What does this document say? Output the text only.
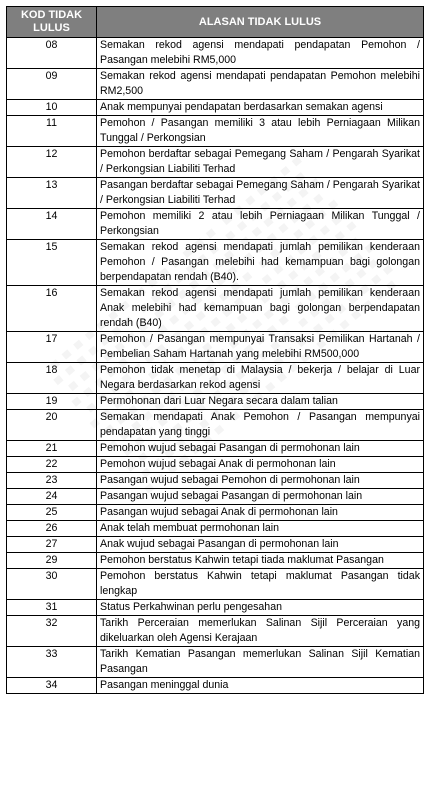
KOD TIDAK LULUS	ALASAN TIDAK LULUS
08	Semakan rekod agensi mendapati pendapatan Pemohon / Pasangan melebihi RM5,000
09	Semakan rekod agensi mendapati pendapatan Pemohon melebihi RM2,500
10	Anak mempunyai pendapatan berdasarkan semakan agensi
11	Pemohon / Pasangan memiliki 3 atau lebih Perniagaan Milikan Tunggal / Perkongsian
12	Pemohon berdaftar sebagai Pemegang Saham / Pengarah Syarikat / Perkongsian Liabiliti Terhad
13	Pasangan berdaftar sebagai Pemegang Saham / Pengarah Syarikat / Perkongsian Liabiliti Terhad
14	Pemohon memiliki 2 atau lebih Perniagaan Milikan Tunggal / Perkongsian
15	Semakan rekod agensi mendapati jumlah pemilikan kenderaan Pemohon / Pasangan melebihi had kemampuan bagi golongan berpendapatan rendah (B40).
16	Semakan rekod agensi mendapati jumlah pemilikan kenderaan Anak melebihi had kemampuan bagi golongan berpendapatan rendah (B40)
17	Pemohon / Pasangan mempunyai Transaksi Pemilikan Hartanah / Pembelian Saham Hartanah yang melebihi RM500,000
18	Pemohon tidak menetap di Malaysia / bekerja / belajar di Luar Negara berdasarkan rekod agensi
19	Permohonan dari Luar Negara secara dalam talian
20	Semakan mendapati Anak Pemohon / Pasangan mempunyai pendapatan yang tinggi
21	Pemohon wujud sebagai Pasangan di permohonan lain
22	Pemohon wujud sebagai Anak di permohonan lain
23	Pasangan wujud sebagai Pemohon di permohonan lain
24	Pasangan wujud sebagai Pasangan di permohonan lain
25	Pasangan wujud sebagai Anak di permohonan lain
26	Anak telah membuat permohonan lain
27	Anak wujud sebagai Pasangan di permohonan lain
29	Pemohon berstatus Kahwin tetapi tiada maklumat Pasangan
30	Pemohon berstatus Kahwin tetapi maklumat Pasangan tidak lengkap
31	Status Perkahwinan perlu pengesahan
32	Tarikh Perceraian memerlukan Salinan Sijil Perceraian yang dikeluarkan oleh Agensi Kerajaan
33	Tarikh Kematian Pasangan memerlukan Salinan Sijil Kematian Pasangan
34	Pasangan meninggal dunia
